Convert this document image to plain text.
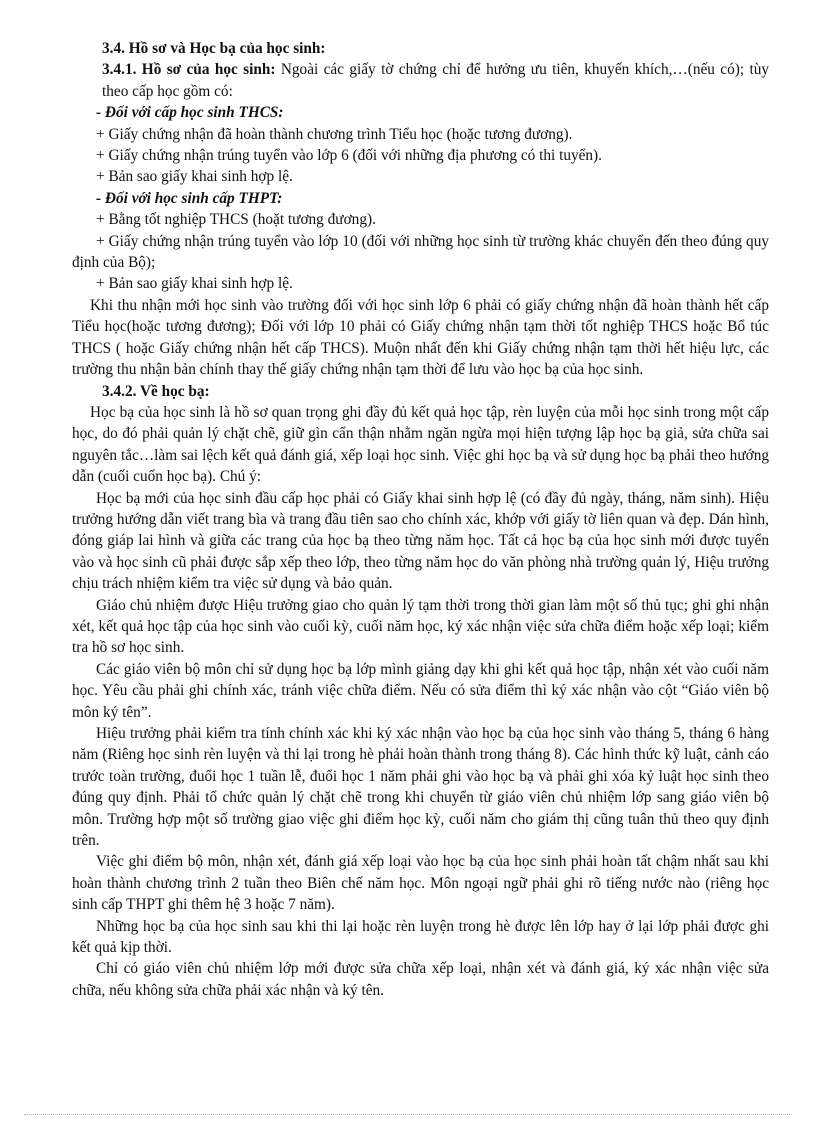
3.4. Hồ sơ và Học bạ của học sinh:

3.4.1. Hồ sơ của học sinh: Ngoài các giấy tờ chứng chỉ để hưởng ưu tiên, khuyến khích,…(nếu có); tùy theo cấp học gồm có:

- Đối với cấp học sinh THCS:

+ Giấy chứng nhận đã hoàn thành chương trình Tiểu học (hoặc tương đương).

+ Giấy chứng nhận trúng tuyển vào lớp 6 (đối với những địa phương có thi tuyển).

+ Bản sao giấy khai sinh hợp lệ.

- Đối với học sinh cấp THPT:

+ Bằng tốt nghiệp THCS (hoặt tương đương).

+ Giấy chứng nhận trúng tuyển vào lớp 10 (đối với những học sinh từ trường khác chuyển đến theo đúng quy định của Bộ);

+ Bản sao giấy khai sinh hợp lệ.

Khi thu nhận mới học sinh vào trường đối với học sinh lớp 6 phải có giấy chứng nhận đã hoàn thành hết cấp Tiểu học(hoặc tương đương); Đối với lớp 10 phải có Giấy chứng nhận tạm thời tốt nghiệp THCS hoặc Bổ túc THCS ( hoặc Giấy chứng nhận hết cấp THCS). Muộn nhất đến khi Giấy chứng nhận tạm thời hết hiệu lực, các trường thu nhận bản chính thay thế giấy chứng nhận tạm thời để lưu vào học bạ của học sinh.

3.4.2. Về học bạ:

Học bạ của học sinh là hồ sơ quan trọng ghi đầy đủ kết quả học tập, rèn luyện của mỗi học sinh trong một cấp học, do đó phải quản lý chặt chẽ, giữ gìn cẩn thận nhằm ngăn ngừa mọi hiện tượng lập học bạ giả, sửa chữa sai nguyên tắc…làm sai lệch kết quả đánh giá, xếp loại học sinh. Việc ghi học bạ và sử dụng học bạ phải theo hướng dẫn (cuối cuốn học bạ). Chú ý:

Học bạ mới của học sinh đầu cấp học phải có Giấy khai sinh hợp lệ (có đầy đủ ngày, tháng, năm sinh). Hiệu trưởng hướng dẫn viết trang bìa và trang đầu tiên sao cho chính xác, khớp với giấy tờ liên quan và đẹp. Dán hình, đóng giáp lai hình và giữa các trang của học bạ theo từng năm học. Tất cả học bạ của học sinh mới được tuyển vào và học sinh cũ phải được sắp xếp theo lớp, theo từng năm học do văn phòng nhà trường quản lý, Hiệu trưởng chịu trách nhiệm kiểm tra việc sử dụng và bảo quản.

Giáo chủ nhiệm được Hiệu trưởng giao cho quản lý tạm thời trong thời gian làm một số thủ tục; ghi ghi nhận xét, kết quả học tập của học sinh vào cuối kỳ, cuối năm học, ký xác nhận việc sửa chữa điểm hoặc xếp loại; kiểm tra hồ sơ học sinh.

Các giáo viên bộ môn chỉ sử dụng học bạ lớp mình giảng dạy khi ghi kết quả học tập, nhận xét vào cuối năm học. Yêu cầu phải ghi chính xác, tránh việc chữa điểm. Nếu có sửa điểm thì ký xác nhận vào cột “Giáo viên bộ môn ký tên”.

Hiệu trưởng phải kiểm tra tính chính xác khi ký xác nhận vào học bạ của học sinh vào tháng 5, tháng 6 hàng năm (Riêng học sinh rèn luyện và thi lại trong hè phải hoàn thành trong tháng 8). Các hình thức kỹ luật, cảnh cáo trước toàn trường, đuổi học 1 tuần lễ, đuổi học 1 năm phải ghi vào học bạ và phải ghi xóa kỷ luật học sinh theo đúng quy định. Phải tổ chức quản lý chặt chẽ trong khi chuyển từ giáo viên chủ nhiệm lớp sang giáo viên bộ môn. Trường hợp một số trường giao việc ghi điểm học kỳ, cuối năm cho giám thị cũng tuân thủ theo quy định trên.

Việc ghi điểm bộ môn, nhận xét, đánh giá xếp loại vào học bạ của học sinh phải hoàn tất chậm nhất sau khi hoàn thành chương trình 2 tuần theo Biên chế năm học. Môn ngoại ngữ phải ghi rõ tiếng nước nào (riêng học sinh cấp THPT ghi thêm hệ 3 hoặc 7 năm).

Những học bạ của học sinh sau khi thi lại hoặc rèn luyện trong hè được lên lớp hay ở lại lớp phải được ghi kết quả kịp thời.

Chỉ có giáo viên chủ nhiệm lớp mới được sửa chữa xếp loại, nhận xét và đánh giá, ký xác nhận việc sửa chữa, nếu không sửa chữa phải xác nhận và ký tên.
